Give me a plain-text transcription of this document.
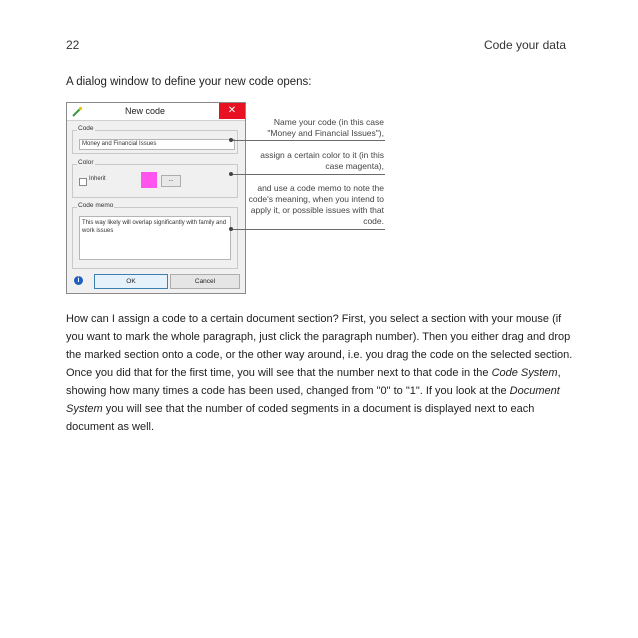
22	Code your data
A dialog window to define your new code opens:
New code	✕
Code
Money and Financial Issues
Color
Inherit	...
Code memo
This way likely will overlap significantly with family and work issues
i	OK	Cancel
Name your code (in this case "Money and Financial Issues"),
assign a certain color to it (in this case magenta),
and use a code memo to note the code's meaning, when you intend to apply it, or possible issues with that code.
How can I assign a code to a certain document section? First, you select a section with your mouse (if you want to mark the whole paragraph, just click the paragraph number). Then you either drag and drop the marked section onto a code, or the other way around, i.e. you drag the code on the selected section. Once you did that for the first time, you will see that the number next to that code in the Code System, showing how many times a code has been used, changed from "0" to "1". If you look at the Document System you will see that the number of coded segments in a document is displayed next to each document as well.
